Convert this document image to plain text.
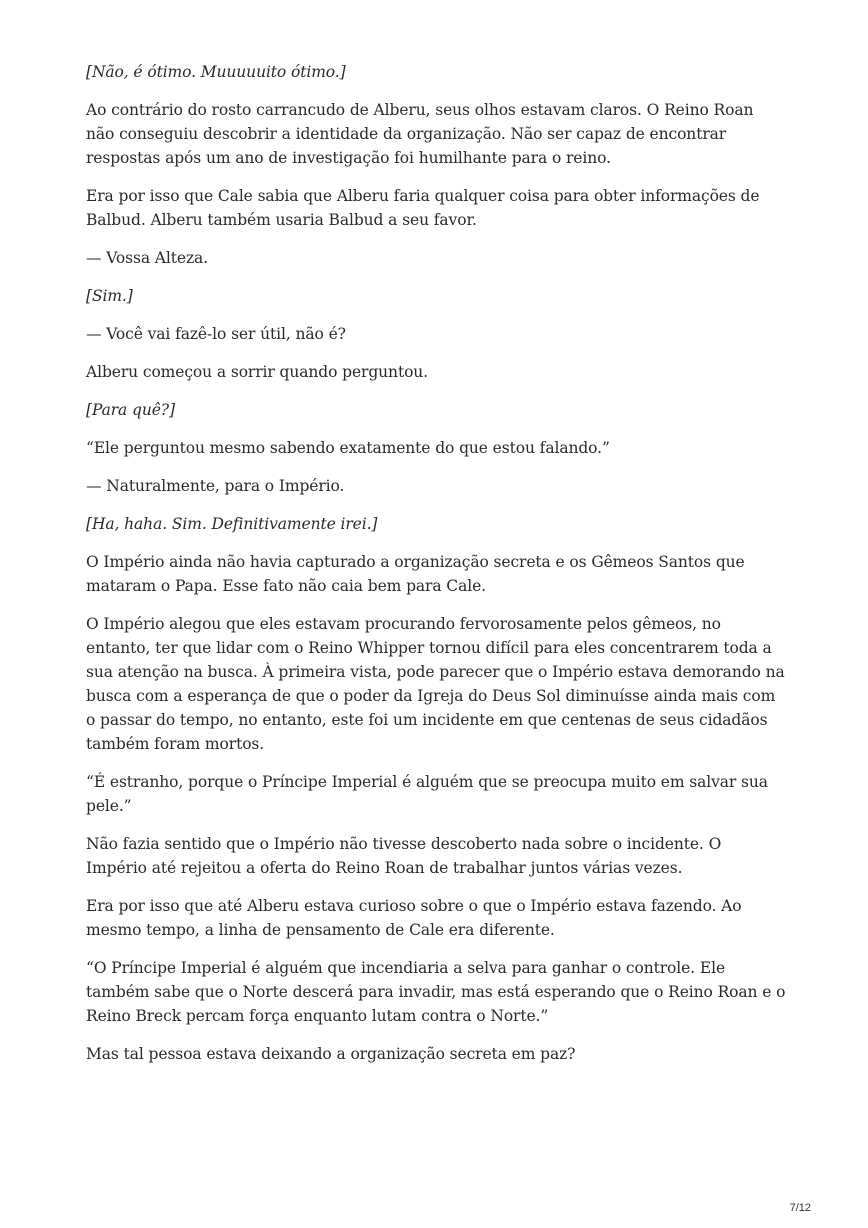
[Não, é ótimo. Muuuuuito ótimo.]

Ao contrário do rosto carrancudo de Alberu, seus olhos estavam claros. O Reino Roan não conseguiu descobrir a identidade da organização. Não ser capaz de encontrar respostas após um ano de investigação foi humilhante para o reino.

Era por isso que Cale sabia que Alberu faria qualquer coisa para obter informações de Balbud. Alberu também usaria Balbud a seu favor.

— Vossa Alteza.

[Sim.]

— Você vai fazê-lo ser útil, não é?

Alberu começou a sorrir quando perguntou.

[Para quê?]

“Ele perguntou mesmo sabendo exatamente do que estou falando.”

— Naturalmente, para o Império.

[Ha, haha. Sim. Definitivamente irei.]

O Império ainda não havia capturado a organização secreta e os Gêmeos Santos que mataram o Papa. Esse fato não caia bem para Cale.

O Império alegou que eles estavam procurando fervorosamente pelos gêmeos, no entanto, ter que lidar com o Reino Whipper tornou difícil para eles concentrarem toda a sua atenção na busca. À primeira vista, pode parecer que o Império estava demorando na busca com a esperança de que o poder da Igreja do Deus Sol diminuísse ainda mais com o passar do tempo, no entanto, este foi um incidente em que centenas de seus cidadãos também foram mortos.

“É estranho, porque o Príncipe Imperial é alguém que se preocupa muito em salvar sua pele.”

Não fazia sentido que o Império não tivesse descoberto nada sobre o incidente. O Império até rejeitou a oferta do Reino Roan de trabalhar juntos várias vezes.

Era por isso que até Alberu estava curioso sobre o que o Império estava fazendo. Ao mesmo tempo, a linha de pensamento de Cale era diferente.

“O Príncipe Imperial é alguém que incendiaria a selva para ganhar o controle. Ele também sabe que o Norte descerá para invadir, mas está esperando que o Reino Roan e o Reino Breck percam força enquanto lutam contra o Norte.”

Mas tal pessoa estava deixando a organização secreta em paz?

7/12
